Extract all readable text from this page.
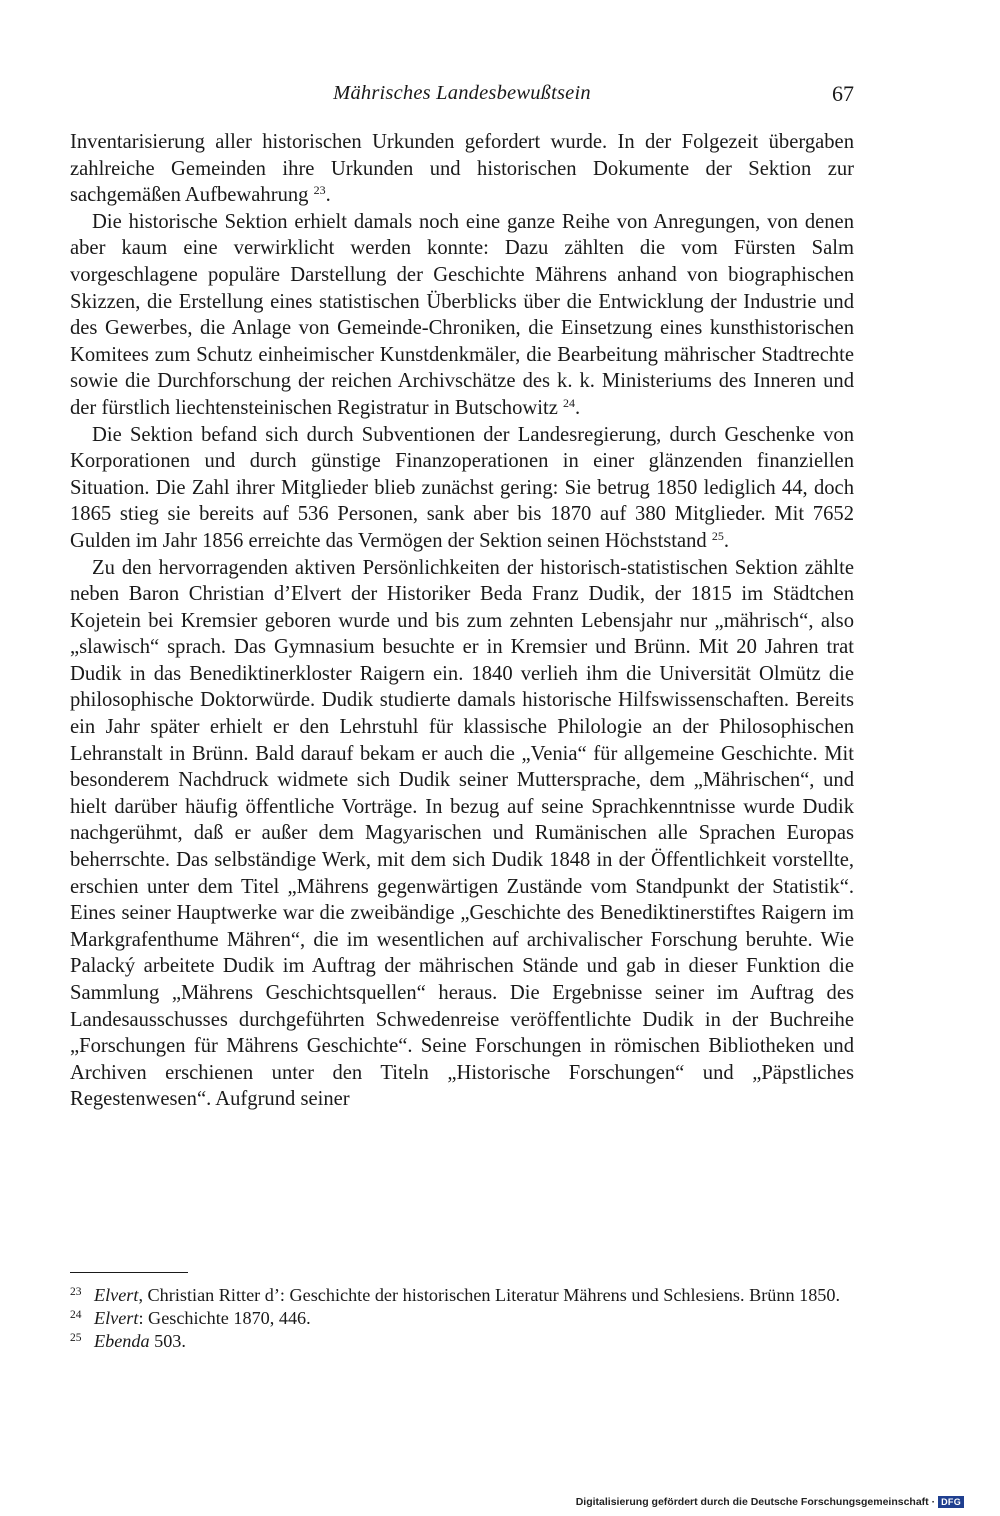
Mährisches Landesbewußtsein	67

Inventarisierung aller historischen Urkunden gefordert wurde. In der Folgezeit übergaben zahlreiche Gemeinden ihre Urkunden und historischen Dokumente der Sektion zur sachgemäßen Aufbewahrung $^{23}$.

Die historische Sektion erhielt damals noch eine ganze Reihe von Anregungen, von denen aber kaum eine verwirklicht werden konnte: Dazu zählten die vom Fürsten Salm vorgeschlagene populäre Darstellung der Geschichte Mährens anhand von biographischen Skizzen, die Erstellung eines statistischen Überblicks über die Entwicklung der Industrie und des Gewerbes, die Anlage von Gemeinde-Chroniken, die Einsetzung eines kunsthistorischen Komitees zum Schutz einheimischer Kunstdenkmäler, die Bearbeitung mährischer Stadtrechte sowie die Durchforschung der reichen Archivschätze des k. k. Ministeriums des Inneren und der fürstlich liechtensteinischen Registratur in Butschowitz $^{24}$.

Die Sektion befand sich durch Subventionen der Landesregierung, durch Geschenke von Korporationen und durch günstige Finanzoperationen in einer glänzenden finanziellen Situation. Die Zahl ihrer Mitglieder blieb zunächst gering: Sie betrug 1850 lediglich 44, doch 1865 stieg sie bereits auf 536 Personen, sank aber bis 1870 auf 380 Mitglieder. Mit 7652 Gulden im Jahr 1856 erreichte das Vermögen der Sektion seinen Höchststand $^{25}$.

Zu den hervorragenden aktiven Persönlichkeiten der historisch-statistischen Sektion zählte neben Baron Christian d’Elvert der Historiker Beda Franz Dudik, der 1815 im Städtchen Kojetein bei Kremsier geboren wurde und bis zum zehnten Lebensjahr nur „mährisch“, also „slawisch“ sprach. Das Gymnasium besuchte er in Kremsier und Brünn. Mit 20 Jahren trat Dudik in das Benediktinerkloster Raigern ein. 1840 verlieh ihm die Universität Olmütz die philosophische Doktorwürde. Dudik studierte damals historische Hilfswissenschaften. Bereits ein Jahr später erhielt er den Lehrstuhl für klassische Philologie an der Philosophischen Lehranstalt in Brünn. Bald darauf bekam er auch die „Venia“ für allgemeine Geschichte. Mit besonderem Nachdruck widmete sich Dudik seiner Muttersprache, dem „Mährischen“, und hielt darüber häufig öffentliche Vorträge. In bezug auf seine Sprachkenntnisse wurde Dudik nachgerühmt, daß er außer dem Magyarischen und Rumänischen alle Sprachen Europas beherrschte. Das selbständige Werk, mit dem sich Dudik 1848 in der Öffentlichkeit vorstellte, erschien unter dem Titel „Mährens gegenwärtigen Zustände vom Standpunkt der Statistik“. Eines seiner Hauptwerke war die zweibändige „Geschichte des Benediktinerstiftes Raigern im Markgrafenthume Mähren“, die im wesentlichen auf archivalischer Forschung beruhte. Wie Palacký arbeitete Dudik im Auftrag der mährischen Stände und gab in dieser Funktion die Sammlung „Mährens Geschichtsquellen“ heraus. Die Ergebnisse seiner im Auftrag des Landesausschusses durchgeführten Schwedenreise veröffentlichte Dudik in der Buchreihe „Forschungen für Mährens Geschichte“. Seine Forschungen in römischen Bibliotheken und Archiven erschienen unter den Titeln „Historische Forschungen“ und „Päpstliches Regestenwesen“. Aufgrund seiner

23 Elvert, Christian Ritter d’: Geschichte der historischen Literatur Mährens und Schlesiens. Brünn 1850.
24 Elvert: Geschichte 1870, 446.
25 Ebenda 503.
Digitalisierung gefördert durch die Deutsche Forschungsgemeinschaft · DFG
